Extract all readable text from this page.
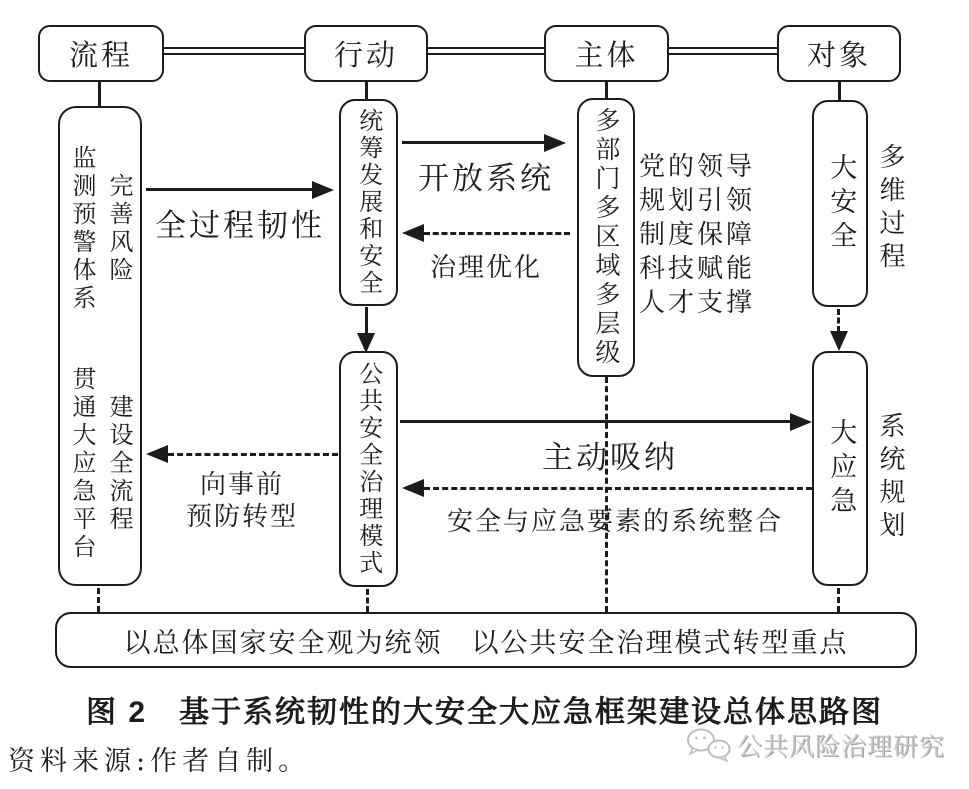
流程	行动	主体	对象
完善风险
监测预警体系
建设全流程
贯通大应急平台
统筹发展和安全
公共安全治理模式
多部门多区域多层级 党的领导
规划引领
制度保障
科技赋能
人才支撑
大安全 多维过程
大应急 系统规划
全过程韧性
开放系统
治理优化
主动吸纳
安全与应急要素的系统整合
向事前
预防转型
以总体国家安全观为统领　以公共安全治理模式转型重点
图 2　基于系统韧性的大安全大应急框架建设总体思路图
资料来源:作者自制。	公共风险治理研究
